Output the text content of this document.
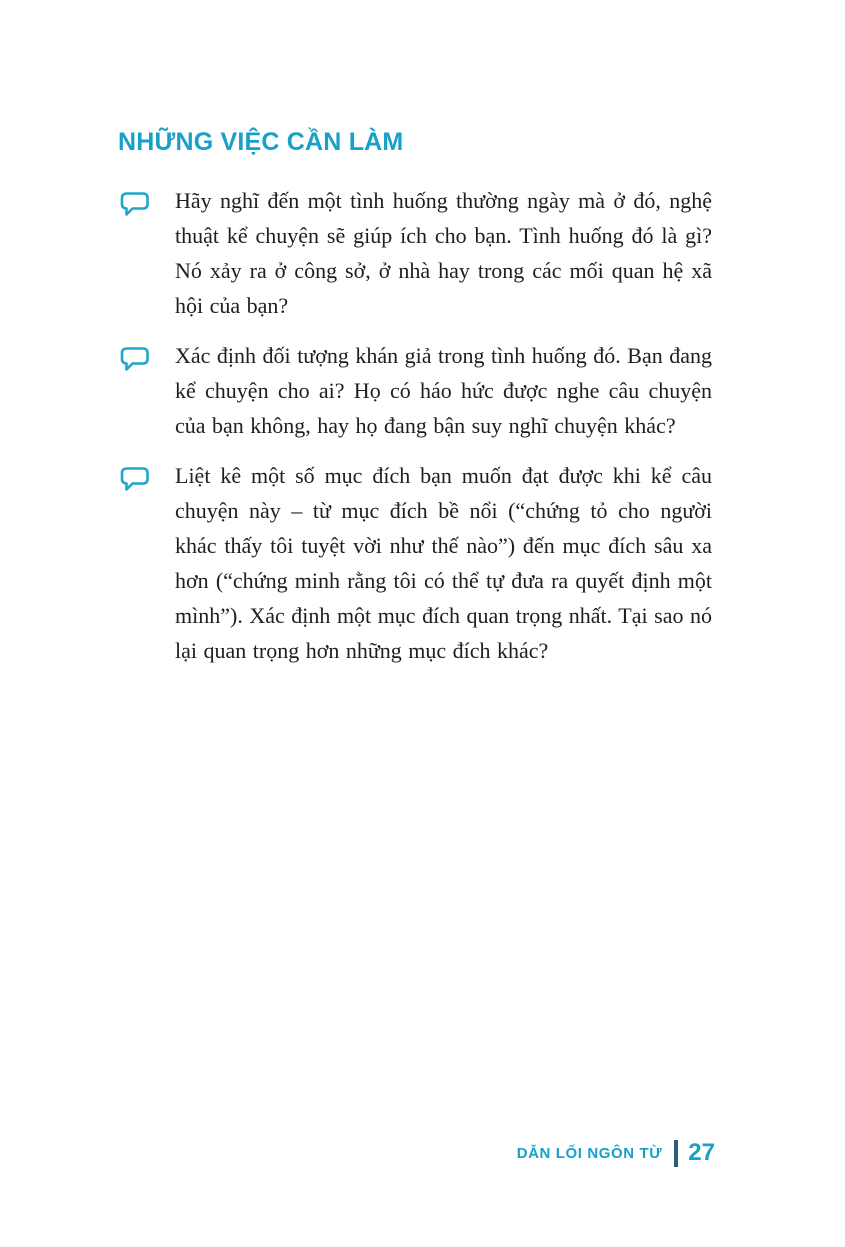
NHỮNG VIỆC CẦN LÀM

Hãy nghĩ đến một tình huống thường ngày mà ở đó, nghệ thuật kể chuyện sẽ giúp ích cho bạn. Tình huống đó là gì? Nó xảy ra ở công sở, ở nhà hay trong các mối quan hệ xã hội của bạn?

Xác định đối tượng khán giả trong tình huống đó. Bạn đang kể chuyện cho ai? Họ có háo hức được nghe câu chuyện của bạn không, hay họ đang bận suy nghĩ chuyện khác?

Liệt kê một số mục đích bạn muốn đạt được khi kể câu chuyện này – từ mục đích bề nổi (“chứng tỏ cho người khác thấy tôi tuyệt vời như thế nào”) đến mục đích sâu xa hơn (“chứng minh rằng tôi có thể tự đưa ra quyết định một mình”). Xác định một mục đích quan trọng nhất. Tại sao nó lại quan trọng hơn những mục đích khác?

DẪN LỐI NGÔN TỪ 27
